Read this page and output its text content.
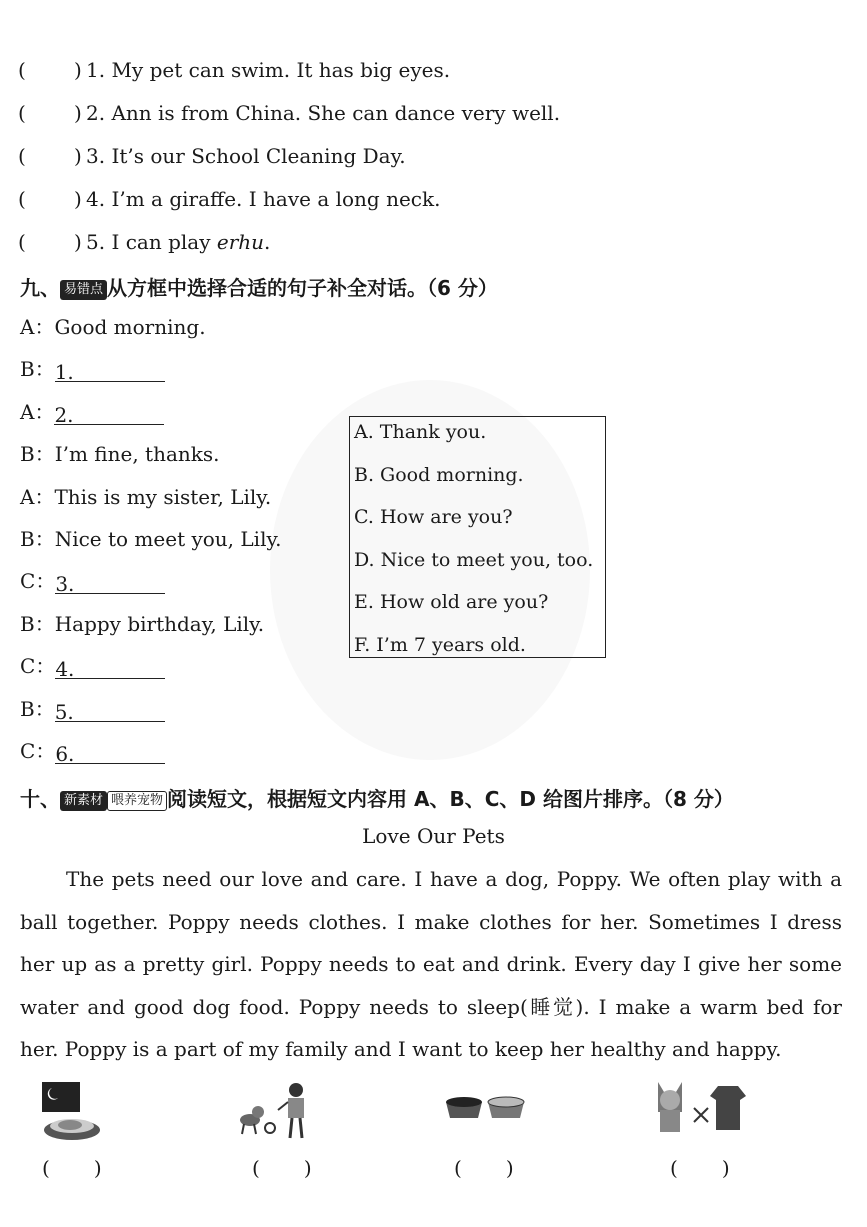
( ) 1. My pet can swim. It has big eyes.
( ) 2. Ann is from China. She can dance very well.
( ) 3. It’s our School Cleaning Day.
( ) 4. I’m a giraffe. I have a long neck.
( ) 5. I can play erhu.
九、 易错点 从方框中选择合适的句子补全对话。（6 分）
A：Good morning.
B：1.
A：2.
B：I’m fine, thanks.
A：This is my sister, Lily.
B：Nice to meet you, Lily.
C：3.
B：Happy birthday, Lily.
C：4.
B：5.
C：6.
A. Thank you.
B. Good morning.
C. How are you?
D. Nice to meet you, too.
E. How old are you?
F. I’m 7 years old.
十、 新素材 喂养宠物 阅读短文，根据短文内容用 A、B、C、D 给图片排序。（8 分）
Love Our Pets

The pets need our love and care. I have a dog, Poppy. We often play with a ball together. Poppy needs clothes. I make clothes for her. Sometimes I dress her up as a pretty girl. Poppy needs to eat and drink. Every day I give her some water and good dog food. Poppy needs to sleep(睡觉). I make a warm bed for her. Poppy is a part of my family and I want to keep her healthy and happy.

( )	( )	( )	( )
